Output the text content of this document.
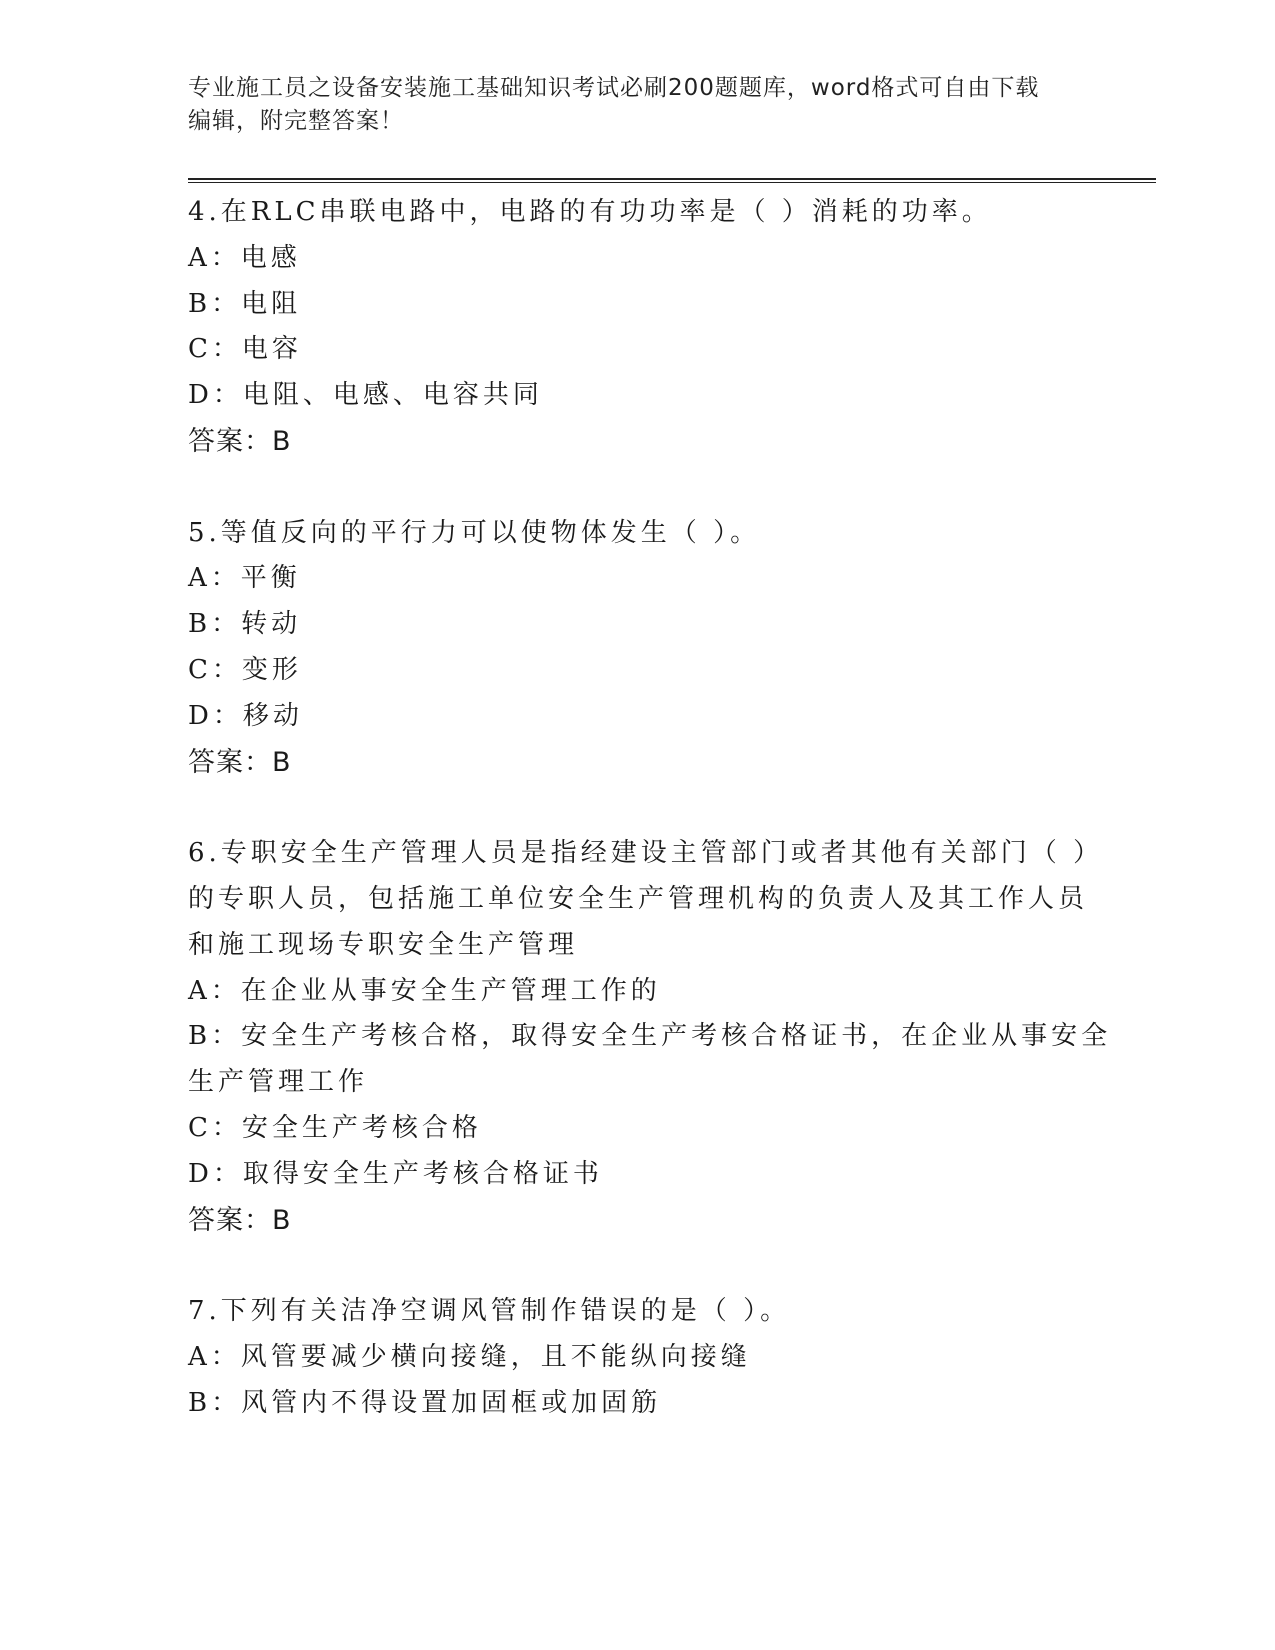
专业施工员之设备安装施工基础知识考试必刷200题题库，word格式可自由下载
编辑，附完整答案！
4.在RLC串联电路中，电路的有功功率是（ ）消耗的功率。
A：电感
B：电阻
C：电容
D：电阻、电感、电容共同
答案：B
5.等值反向的平行力可以使物体发生（ ）。
A：平衡
B：转动
C：变形
D：移动
答案：B
6.专职安全生产管理人员是指经建设主管部门或者其他有关部门（ ）
的专职人员，包括施工单位安全生产管理机构的负责人及其工作人员
和施工现场专职安全生产管理
A：在企业从事安全生产管理工作的
B：安全生产考核合格，取得安全生产考核合格证书，在企业从事安全
生产管理工作
C：安全生产考核合格
D：取得安全生产考核合格证书
答案：B
7.下列有关洁净空调风管制作错误的是（ ）。
A：风管要减少横向接缝，且不能纵向接缝
B：风管内不得设置加固框或加固筋
